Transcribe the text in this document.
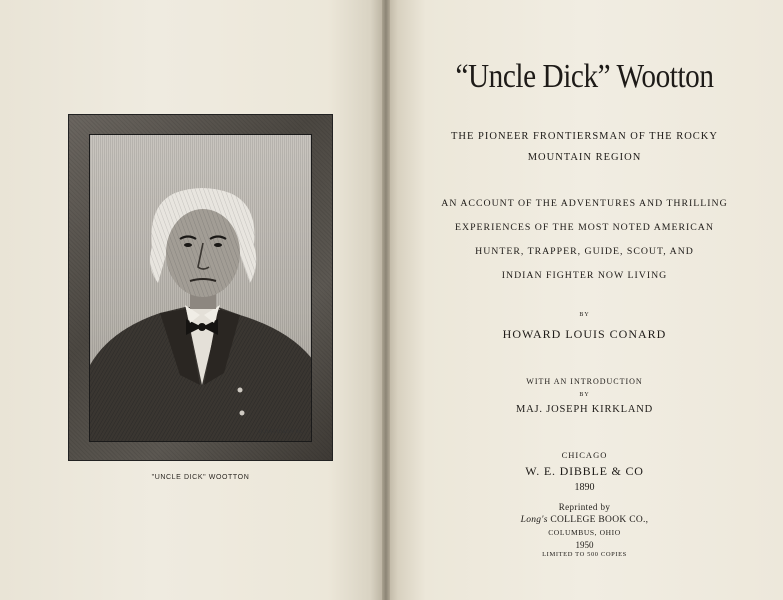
H.DAVIDSON SC
"UNCLE DICK" WOOTTON
“Uncle Dick” Wootton
THE PIONEER FRONTIERSMAN OF THE ROCKY
MOUNTAIN REGION
AN ACCOUNT OF THE ADVENTURES AND THRILLING
EXPERIENCES OF THE MOST NOTED AMERICAN
HUNTER, TRAPPER, GUIDE, SCOUT, AND
INDIAN FIGHTER NOW LIVING
BY
HOWARD LOUIS CONARD
WITH AN INTRODUCTION
BY
MAJ. JOSEPH KIRKLAND
CHICAGO
W. E. DIBBLE & CO
1890
Reprinted by
Long's COLLEGE BOOK CO.,
COLUMBUS, OHIO
1950
LIMITED TO 500 COPIES
